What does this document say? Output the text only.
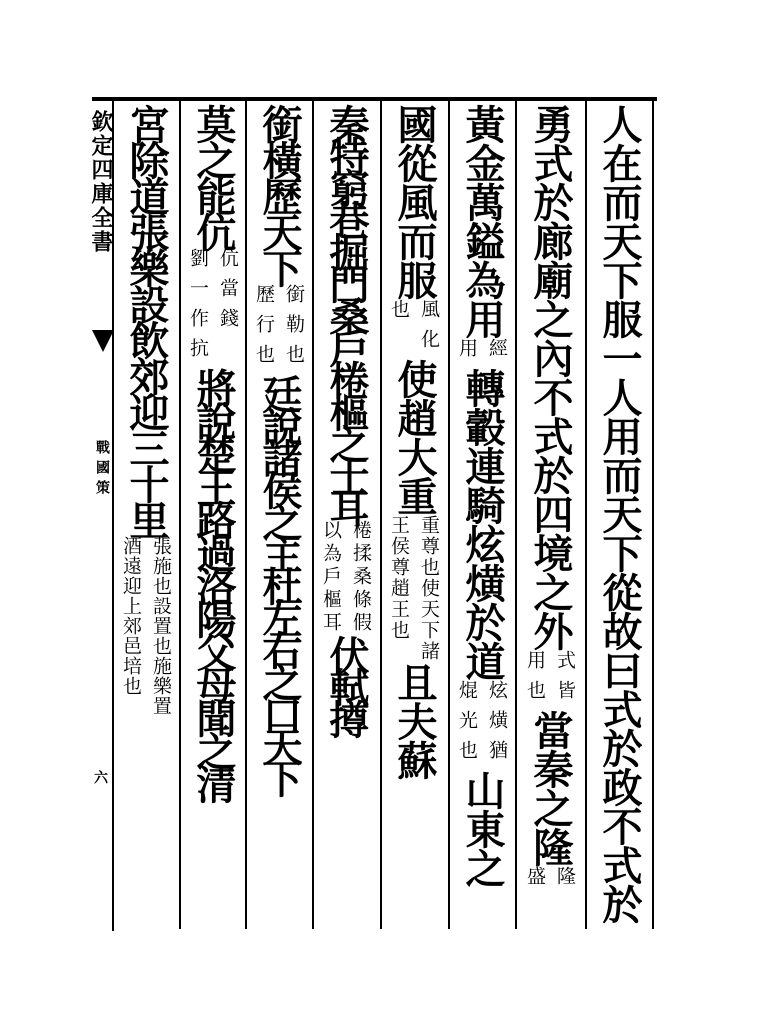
欽定四庫全書
戰國策
六	人在而天下服一人用而天下從故曰式於政不式於
勇式於廊廟之內不式於四境之外
式皆
用也
當秦之隆
隆
盛
黃金萬鎰為用
經
用
轉轂連騎炫熿於道
炫熿猶
焜光也
山東之
國從風而服
風化
也
使趙大重
重尊也使天下諸
王侯尊趙王也
且夫蘇
秦特窮巷掘門桑戶棬樞之士耳
棬揉桑條假
以為戶樞耳
伏軾撙
銜橫歷天下
銜勒也
歷行也
廷說諸侯之主杜左右之口天下
莫之能伉
伉當錢
劉一作抗
將說楚王路過洛陽父母聞之清
宮除道張樂設飲郊迎三十里
張施也設置也施樂置
酒遠迎上郊邑培也
